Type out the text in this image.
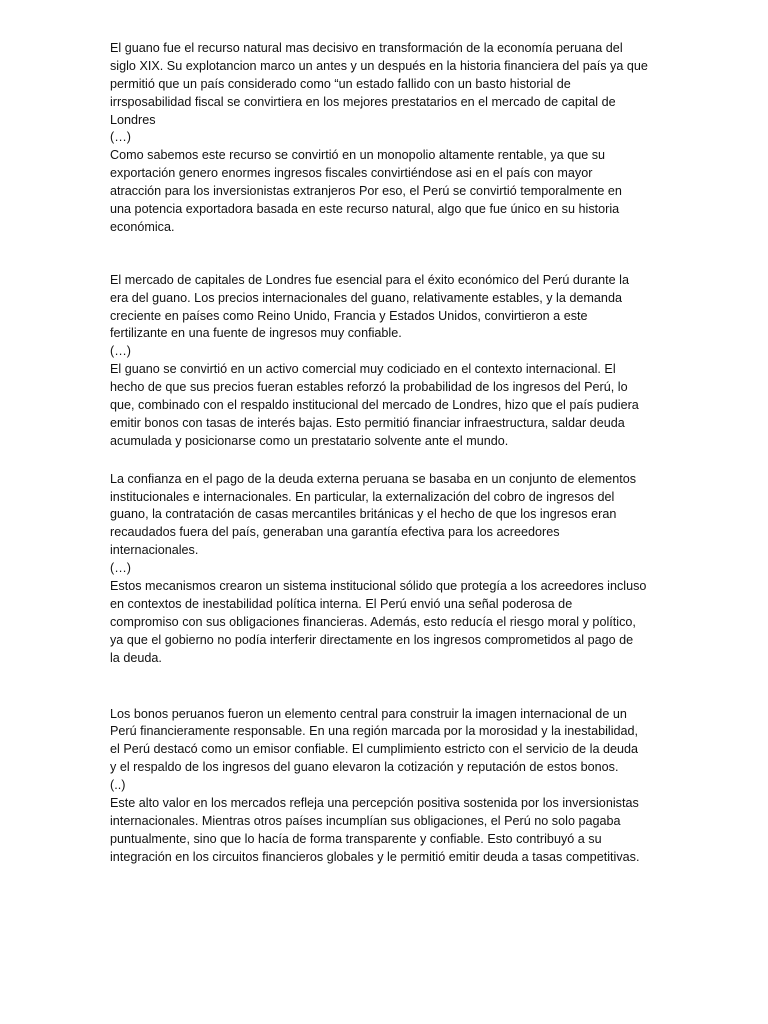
El guano fue el recurso natural mas decisivo en transformación de la economía peruana del
siglo XIX. Su explotancion marco un antes y un después en la historia financiera del país ya que
permitió que un país considerado como “un estado fallido con un basto historial de
irrsposabilidad fiscal se convirtiera en los mejores prestatarios en el mercado de capital de
Londres
(…)
Como sabemos este recurso se convirtió en un monopolio altamente rentable, ya que su
exportación genero enormes ingresos fiscales convirtiéndose asi en el país con mayor
atracción para los inversionistas extranjeros Por eso, el Perú se convirtió temporalmente en
una potencia exportadora basada en este recurso natural, algo que fue único en su historia
económica.
El mercado de capitales de Londres fue esencial para el éxito económico del Perú durante la
era del guano. Los precios internacionales del guano, relativamente estables, y la demanda
creciente en países como Reino Unido, Francia y Estados Unidos, convirtieron a este
fertilizante en una fuente de ingresos muy confiable.
(…)
El guano se convirtió en un activo comercial muy codiciado en el contexto internacional. El
hecho de que sus precios fueran estables reforzó la probabilidad de los ingresos del Perú, lo
que, combinado con el respaldo institucional del mercado de Londres, hizo que el país pudiera
emitir bonos con tasas de interés bajas. Esto permitió financiar infraestructura, saldar deuda
acumulada y posicionarse como un prestatario solvente ante el mundo.
La confianza en el pago de la deuda externa peruana se basaba en un conjunto de elementos
institucionales e internacionales. En particular, la externalización del cobro de ingresos del
guano, la contratación de casas mercantiles británicas y el hecho de que los ingresos eran
recaudados fuera del país, generaban una garantía efectiva para los acreedores
internacionales.
(…)
Estos mecanismos crearon un sistema institucional sólido que protegía a los acreedores incluso
en contextos de inestabilidad política interna. El Perú envió una señal poderosa de
compromiso con sus obligaciones financieras. Además, esto reducía el riesgo moral y político,
ya que el gobierno no podía interferir directamente en los ingresos comprometidos al pago de
la deuda.
Los bonos peruanos fueron un elemento central para construir la imagen internacional de un
Perú financieramente responsable. En una región marcada por la morosidad y la inestabilidad,
el Perú destacó como un emisor confiable. El cumplimiento estricto con el servicio de la deuda
y el respaldo de los ingresos del guano elevaron la cotización y reputación de estos bonos.
(..)
Este alto valor en los mercados refleja una percepción positiva sostenida por los inversionistas
internacionales. Mientras otros países incumplían sus obligaciones, el Perú no solo pagaba
puntualmente, sino que lo hacía de forma transparente y confiable. Esto contribuyó a su
integración en los circuitos financieros globales y le permitió emitir deuda a tasas competitivas.
